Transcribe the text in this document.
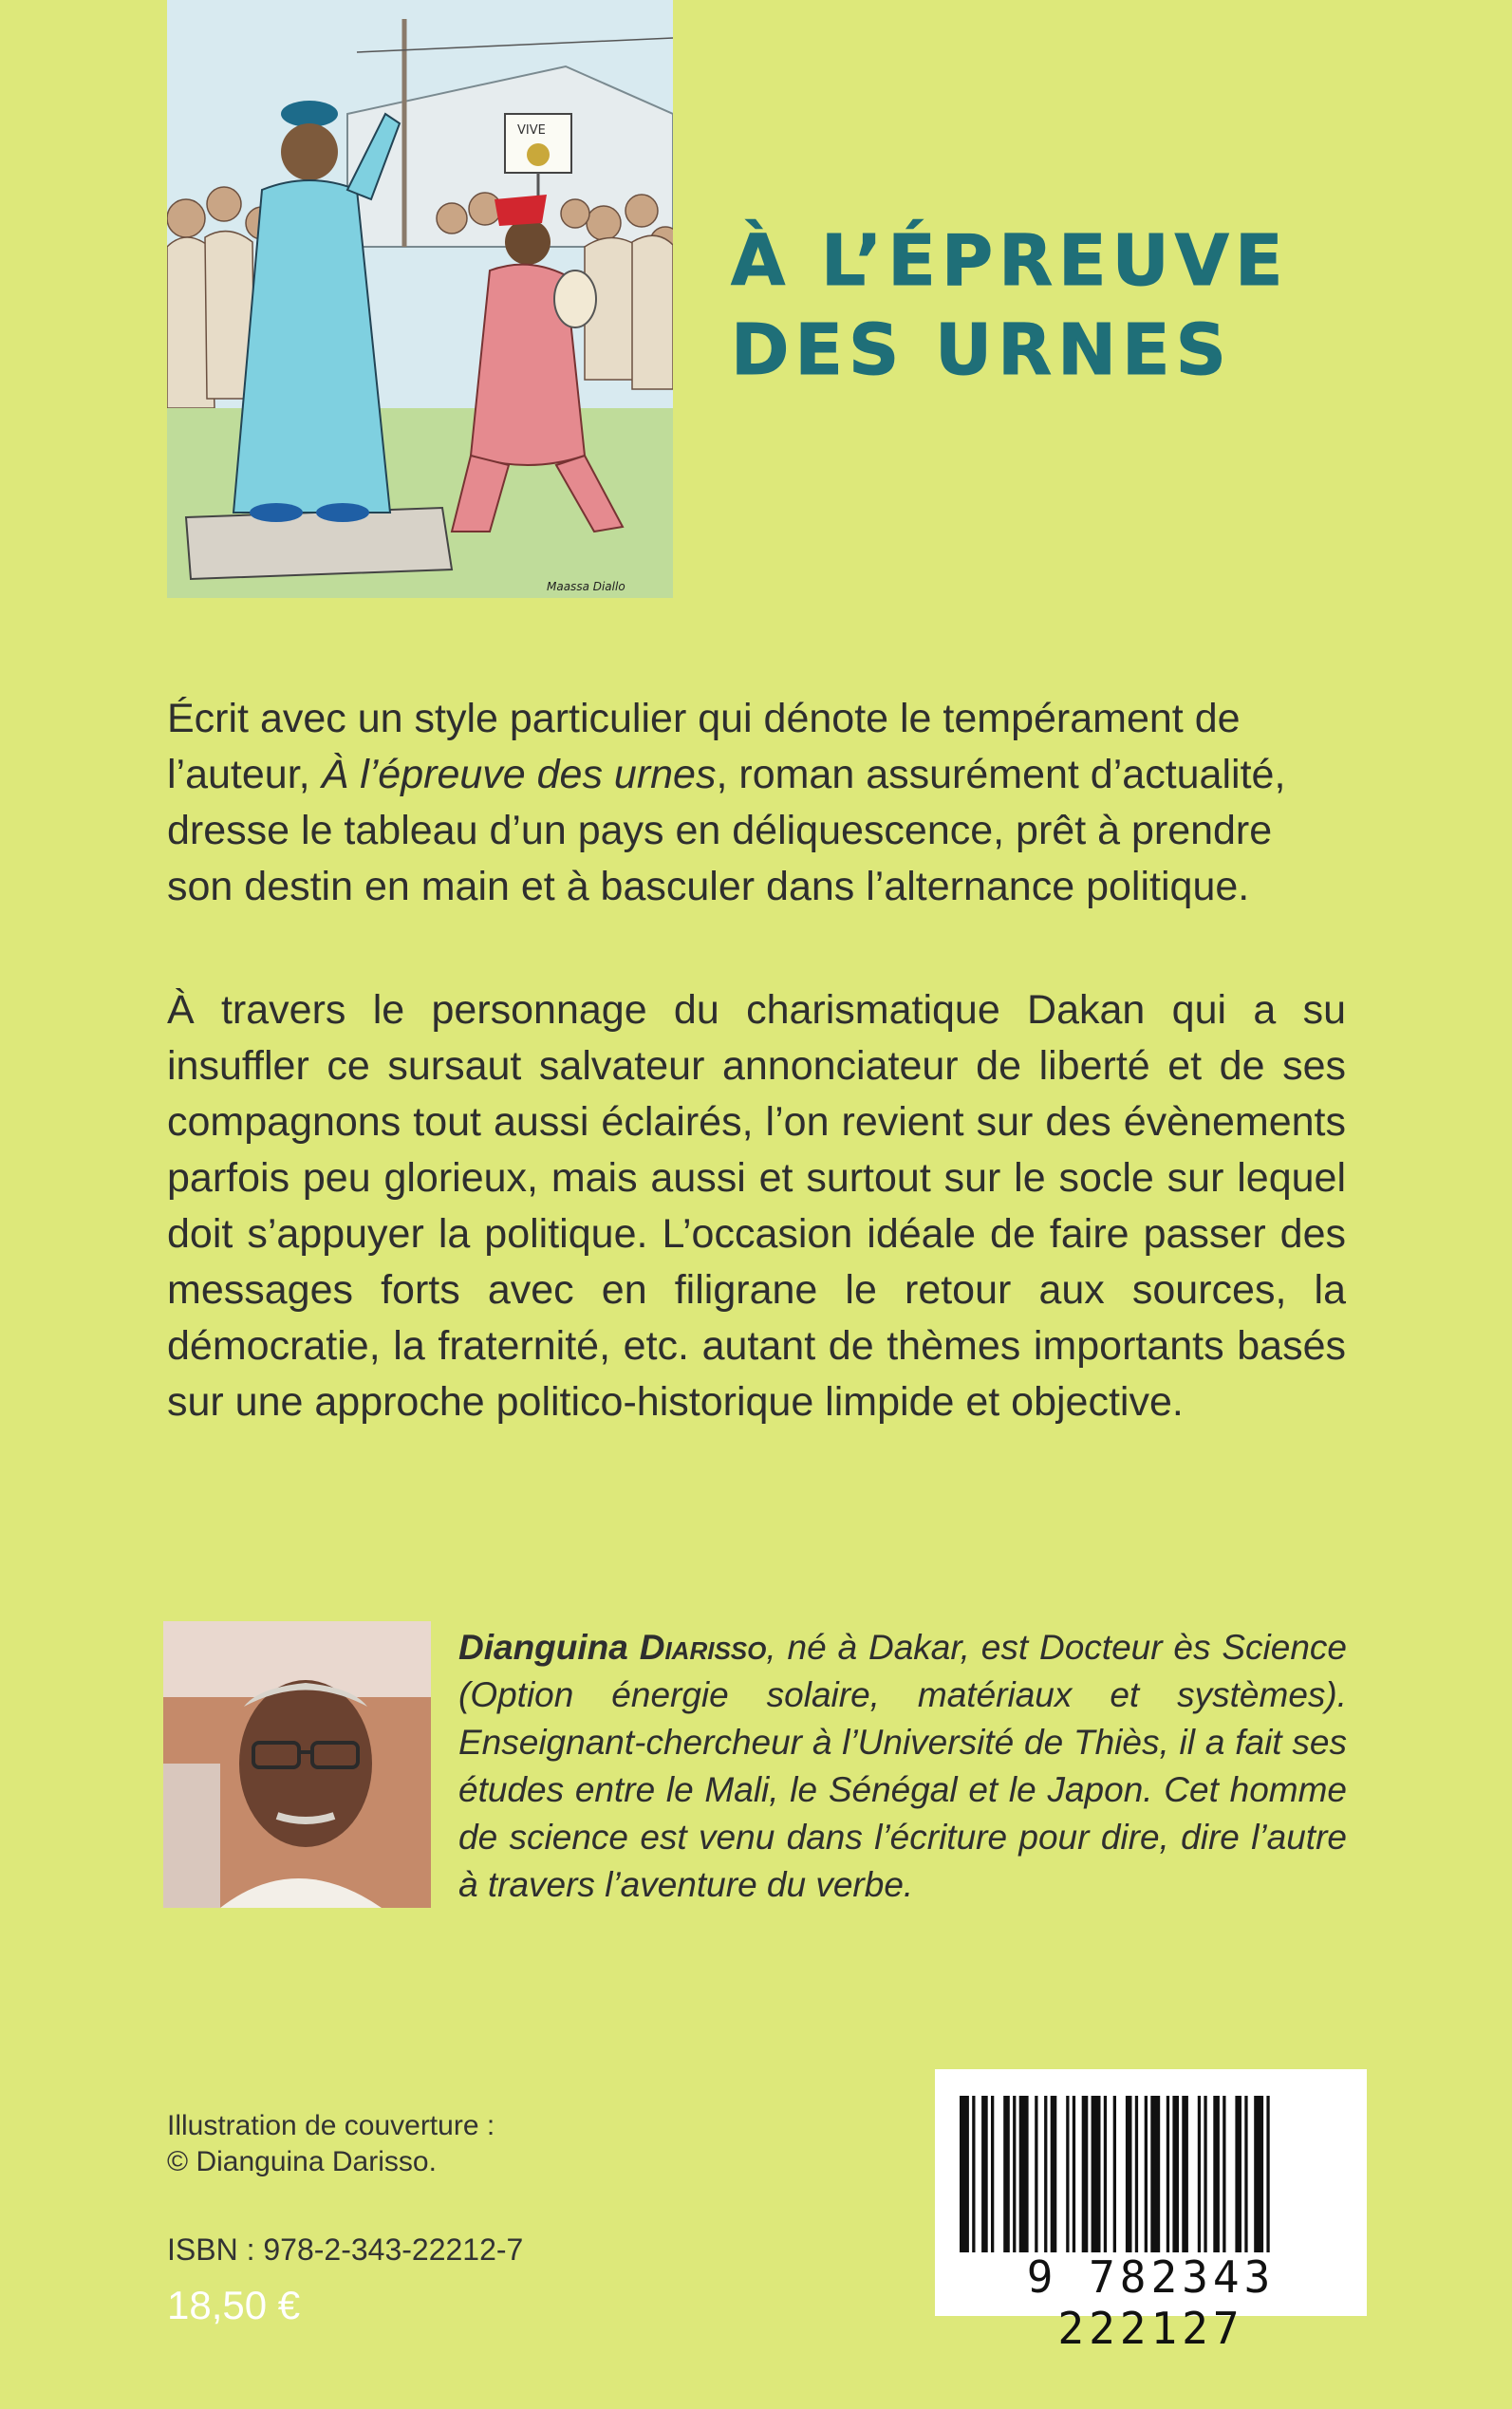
VIVE
Maassa Diallo
À L’ÉPREUVE
DES URNES

Écrit avec un style particulier qui dénote le tempérament de l’auteur, À l’épreuve des urnes, roman assurément d’actualité, dresse le tableau d’un pays en déliquescence, prêt à prendre son destin en main et à basculer dans l’alternance politique.

À travers le personnage du charismatique Dakan qui a su insuffler ce sursaut salvateur annonciateur de liberté et de ses compagnons tout aussi éclairés, l’on revient sur des évènements parfois peu glorieux, mais aussi et surtout sur le socle sur lequel doit s’appuyer la politique. L’occasion idéale de faire passer des messages forts avec en filigrane le retour aux sources, la démocratie, la fraternité, etc. autant de thèmes importants basés sur une approche politico-historique limpide et objective.

Dianguina Diarisso, né à Dakar, est Docteur ès Science (Option énergie solaire, matériaux et systèmes). Enseignant-chercheur à l’Université de Thiès, il a fait ses études entre le Mali, le Sénégal et le Japon. Cet homme de science est venu dans l’écriture pour dire, dire l’autre à travers l’aventure du verbe.

Illustration de couverture :
© Dianguina Darisso.
ISBN : 978-2-343-22212-7
18,50 €
9 782343 222127
